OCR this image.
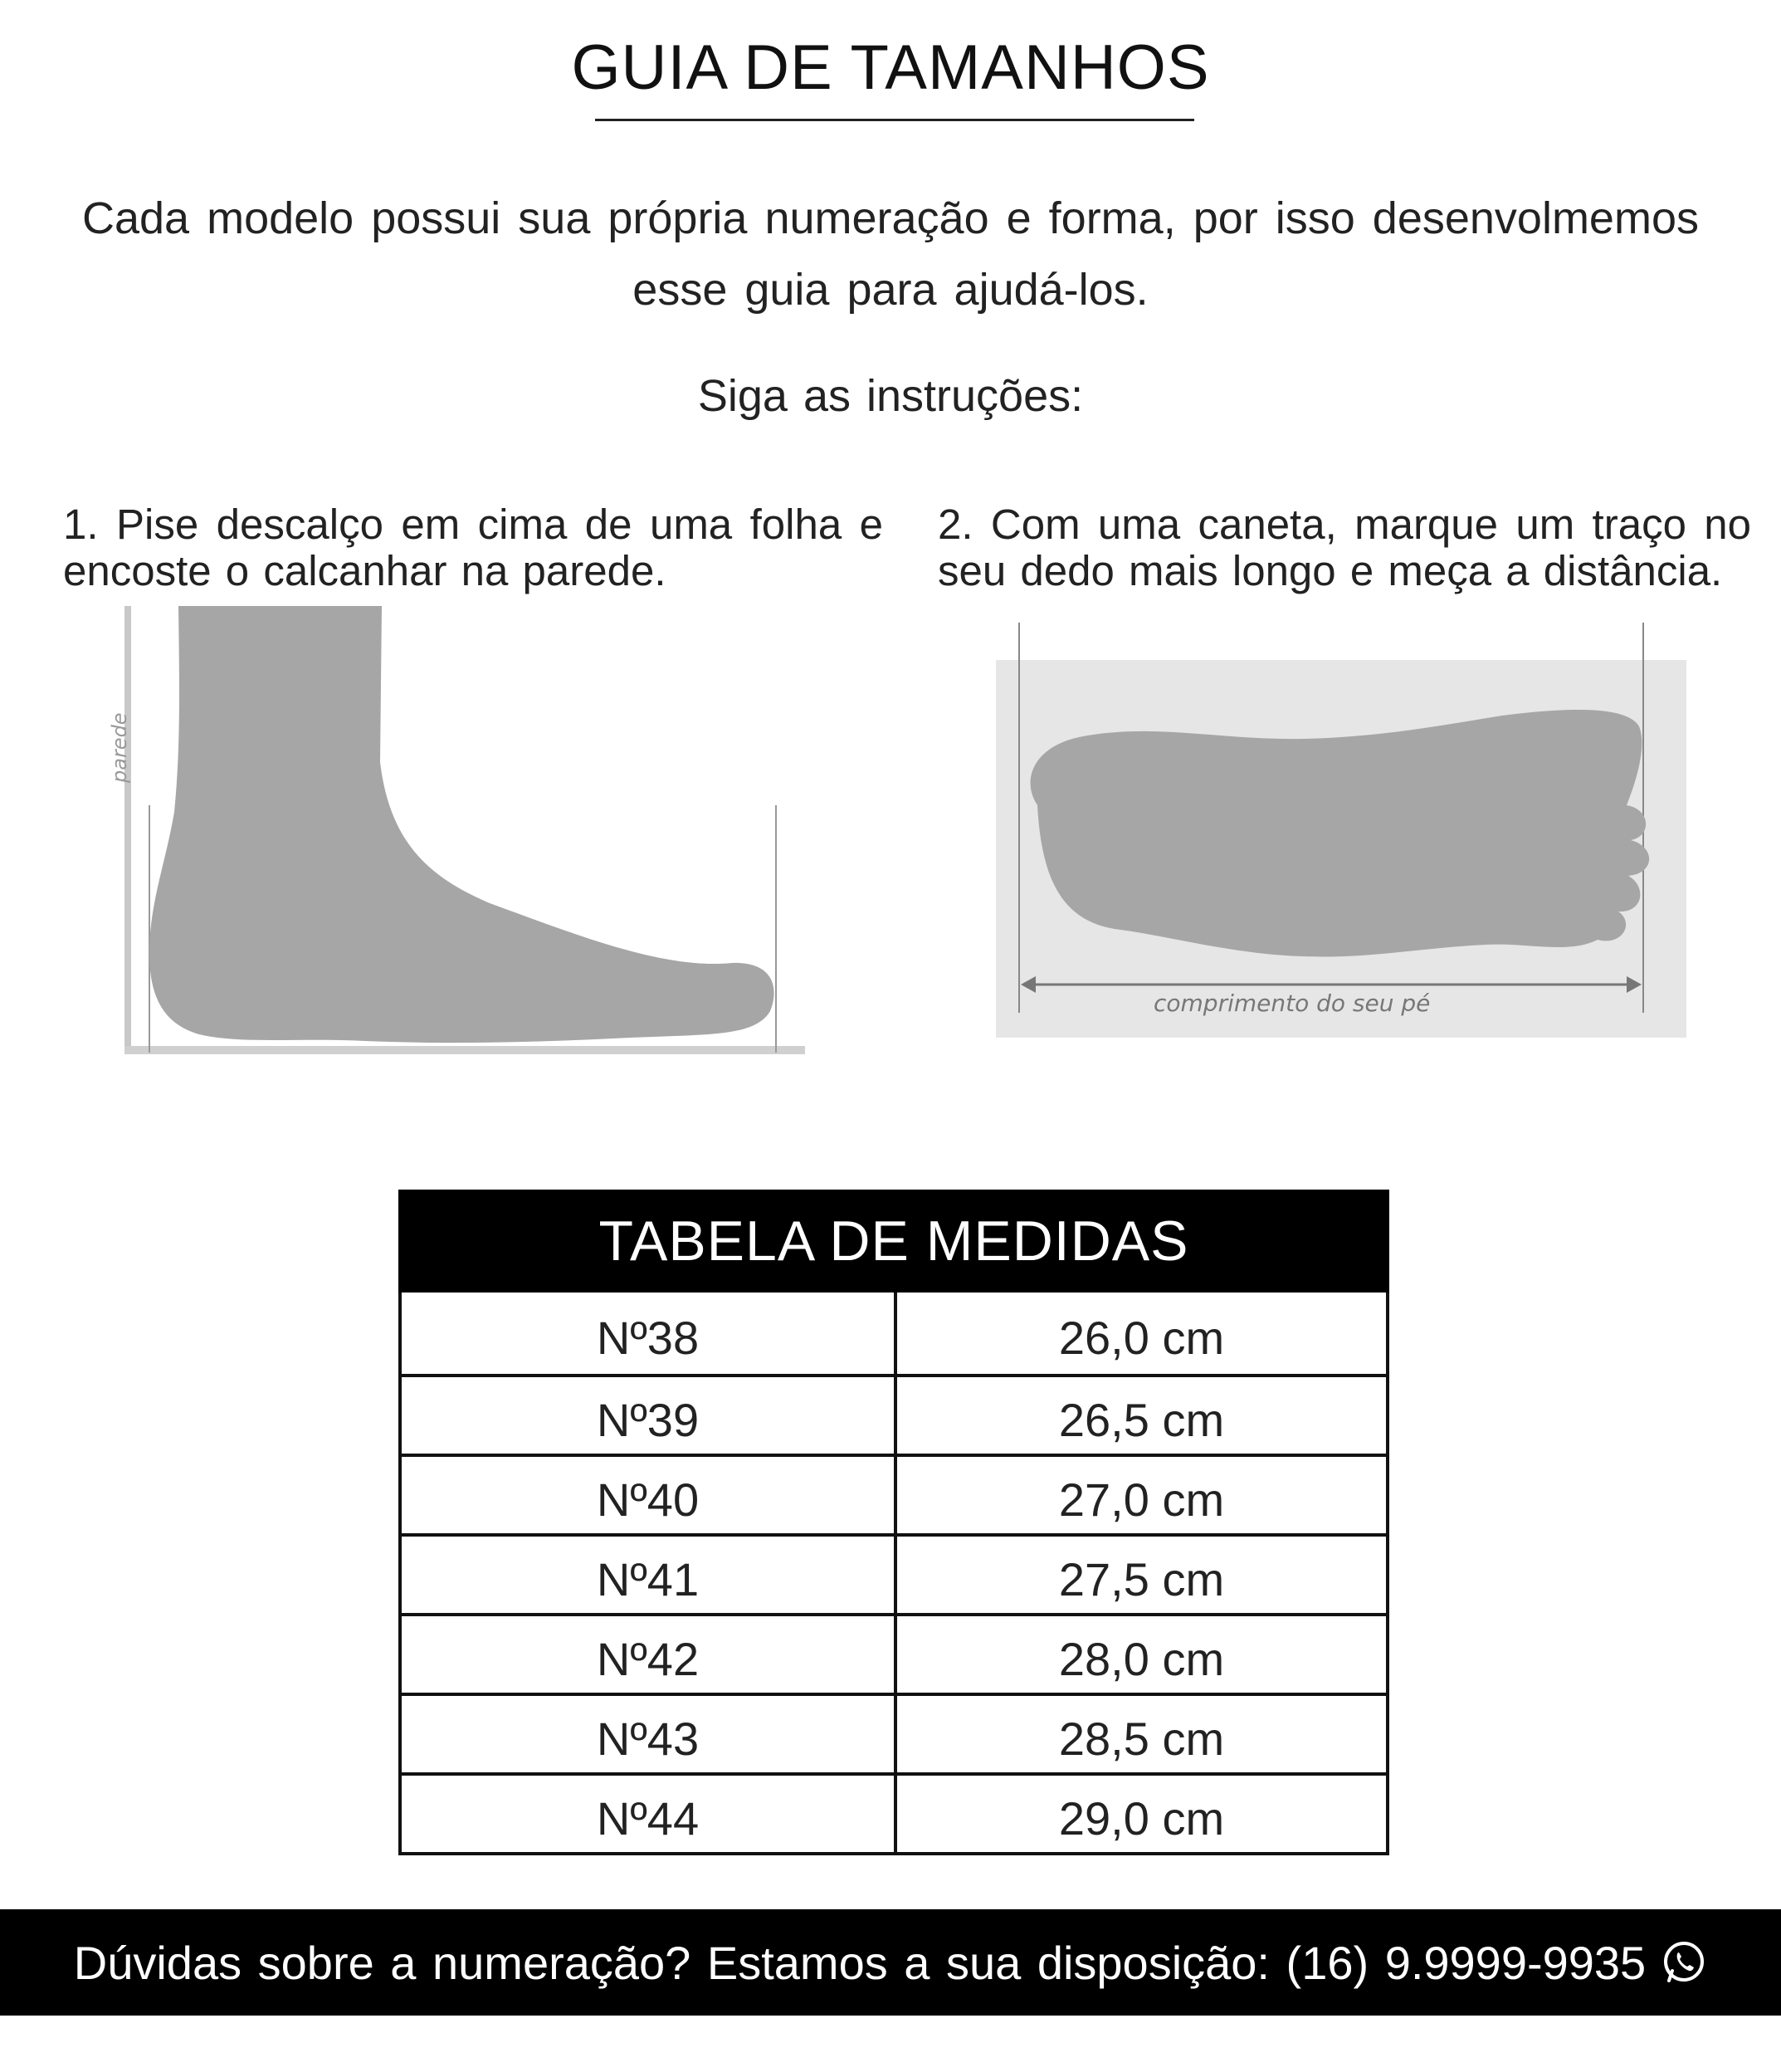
GUIA DE TAMANHOS
Cada modelo possui sua própria numeração e forma, por isso desenvolmemos esse guia para ajudá-los.
Siga as instruções:
1. Pise descalço em cima de uma folha e encoste o calcanhar na parede.
2. Com uma caneta, marque um traço no seu dedo mais longo e meça a distância.
parede
comprimento do seu pé
TABELA DE MEDIDAS
Nº38	26,0 cm
Nº39	26,5 cm
Nº40	27,0 cm
Nº41	27,5 cm
Nº42	28,0 cm
Nº43	28,5 cm
Nº44	29,0 cm
Dúvidas sobre a numeração? Estamos a sua disposição: (16) 9.9999-9935
